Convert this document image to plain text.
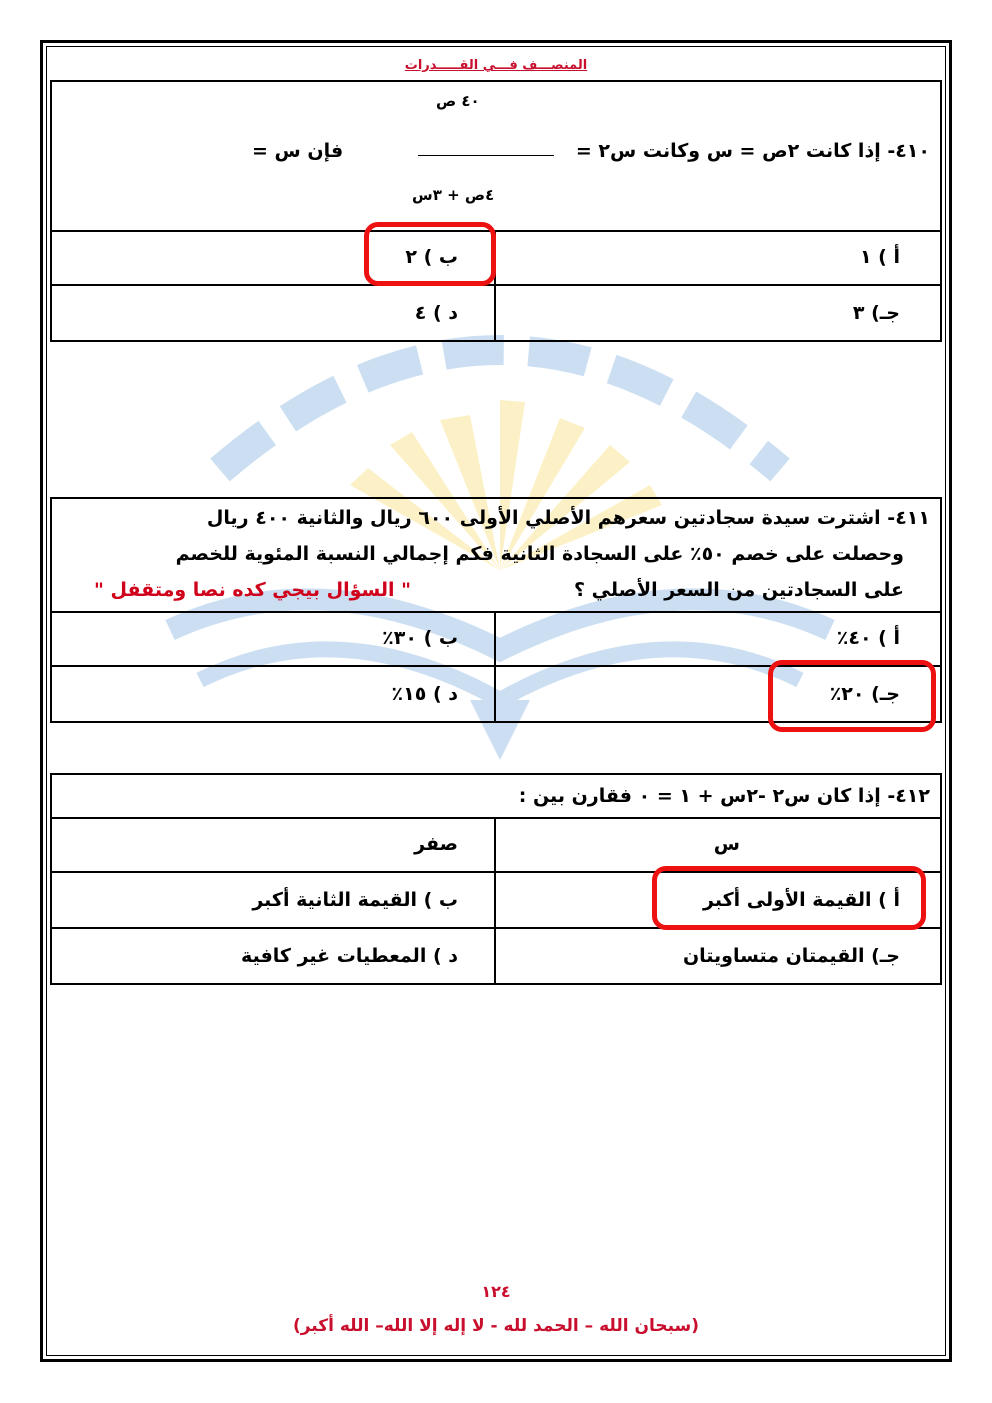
المنصـــف فـــي القـــــدرات
٤٠ ص
٤١٠- إذا كانت ٢ص = س وكانت س٢ =
فإن س =
٤ص + ٣س
أ ) ١
ب ) ٢
جـ) ٣
د ) ٤
٤١١- اشترت سيدة سجادتين سعرهم الأصلي الأولى ٦٠٠ ريال والثانية ٤٠٠ ريال
وحصلت على خصم ٥٠٪ على السجادة الثانية فكم إجمالي النسبة المئوية للخصم
على السجادتين من السعر الأصلي ؟
" السؤال بيجي كده نصا ومتقفل "
أ ) ٤٠٪
ب ) ٣٠٪
جـ) ٢٠٪
د ) ١٥٪
٤١٢- إذا كان س٢ -٢س + ١ = ٠ فقارن بين :
س
صفر
أ ) القيمة الأولى أكبر
ب ) القيمة الثانية أكبر
جـ) القيمتان متساويتان
د ) المعطيات غير كافية
١٢٤
(سبحان الله – الحمد لله - لا إله إلا الله– الله أكبر)
